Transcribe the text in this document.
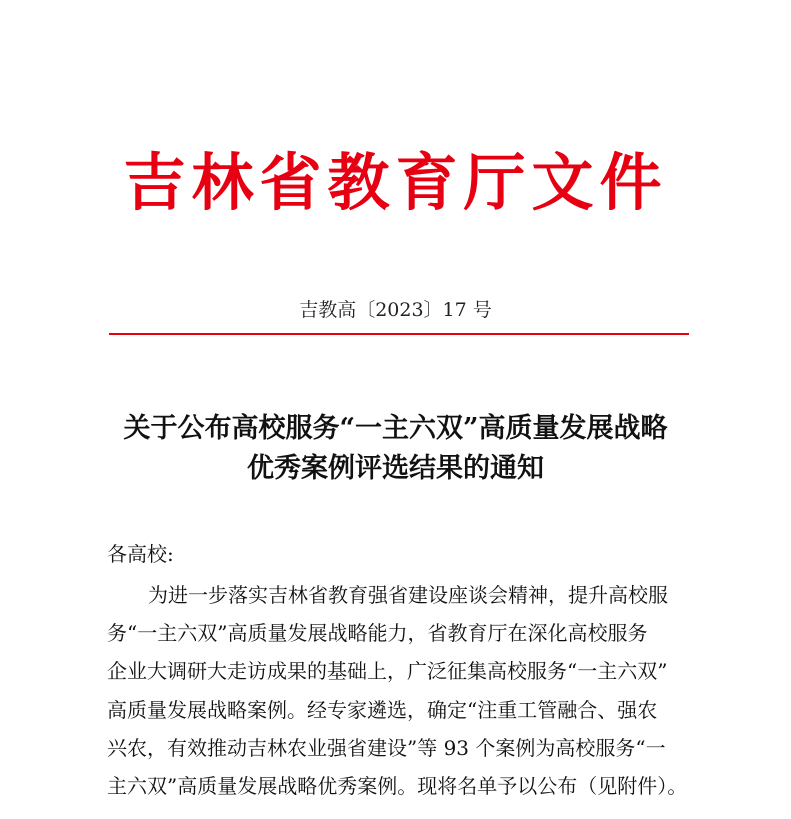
吉林省教育厅文件
吉教高〔2023〕17 号
关于公布高校服务“一主六双”高质量发展战略
优秀案例评选结果的通知
各高校:
为进一步落实吉林省教育强省建设座谈会精神，提升高校服
务“一主六双”高质量发展战略能力，省教育厅在深化高校服务
企业大调研大走访成果的基础上，广泛征集高校服务“一主六双”
高质量发展战略案例。经专家遴选，确定“注重工管融合、强农
兴农，有效推动吉林农业强省建设”等 93 个案例为高校服务“一
主六双”高质量发展战略优秀案例。现将名单予以公布（见附件）。
